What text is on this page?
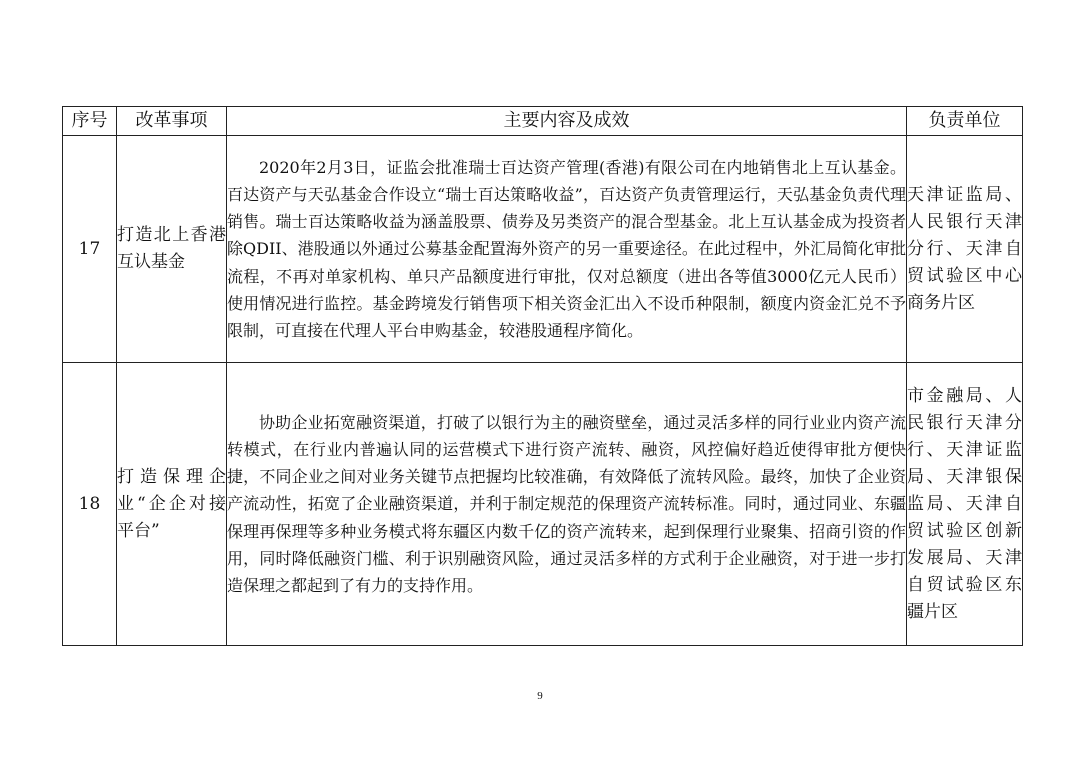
序号	改革事项	主要内容及成效	负责单位
17	打造北上香港互认基金	2020年2月3日，证监会批准瑞士百达资产管理(香港)有限公司在内地销售北上互认基金。百达资产与天弘基金合作设立“瑞士百达策略收益”，百达资产负责管理运行，天弘基金负责代理销售。瑞士百达策略收益为涵盖股票、债券及另类资产的混合型基金。北上互认基金成为投资者除QDII、港股通以外通过公募基金配置海外资产的另一重要途径。在此过程中，外汇局简化审批流程，不再对单家机构、单只产品额度进行审批，仅对总额度（进出各等值3000亿元人民币）使用情况进行监控。基金跨境发行销售项下相关资金汇出入不设币种限制，额度内资金汇兑不予限制，可直接在代理人平台申购基金，较港股通程序简化。	天津证监局、人民银行天津分行、天津自贸试验区中心商务片区
18	打造保理企业“企企对接平台”	协助企业拓宽融资渠道，打破了以银行为主的融资壁垒，通过灵活多样的同行业业内资产流转模式，在行业内普遍认同的运营模式下进行资产流转、融资，风控偏好趋近使得审批方便快捷，不同企业之间对业务关键节点把握均比较准确，有效降低了流转风险。最终，加快了企业资产流动性，拓宽了企业融资渠道，并利于制定规范的保理资产流转标准。同时，通过同业、东疆保理再保理等多种业务模式将东疆区内数千亿的资产流转来，起到保理行业聚集、招商引资的作用，同时降低融资门槛、利于识别融资风险，通过灵活多样的方式利于企业融资，对于进一步打造保理之都起到了有力的支持作用。	市金融局、人民银行天津分行、天津证监局、天津银保监局、天津自贸试验区创新发展局、天津自贸试验区东疆片区
9
